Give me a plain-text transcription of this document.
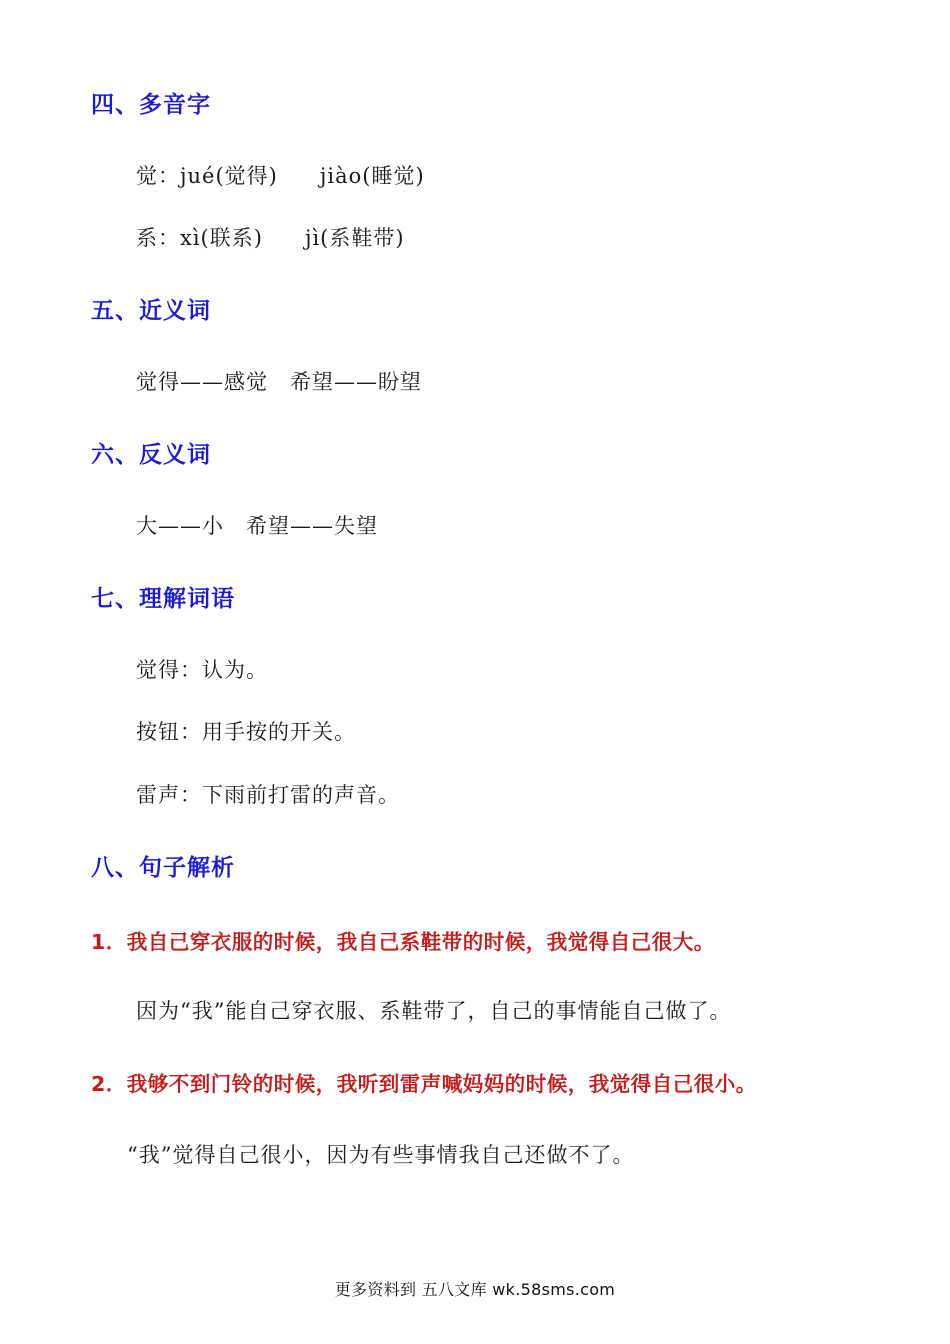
四、多音字
觉：jué(觉得) jiào(睡觉)
系：xì(联系) jì(系鞋带)
五、近义词
觉得——感觉 希望——盼望
六、反义词
大——小 希望——失望
七、理解词语
觉得：认为。
按钮：用手按的开关。
雷声：下雨前打雷的声音。
八、句子解析
1．我自己穿衣服的时候，我自己系鞋带的时候，我觉得自己很大。
因为“我”能自己穿衣服、系鞋带了，自己的事情能自己做了。
2．我够不到门铃的时候，我听到雷声喊妈妈的时候，我觉得自己很小。
“我”觉得自己很小，因为有些事情我自己还做不了。
更多资料到 五八文库 wk.58sms.com
